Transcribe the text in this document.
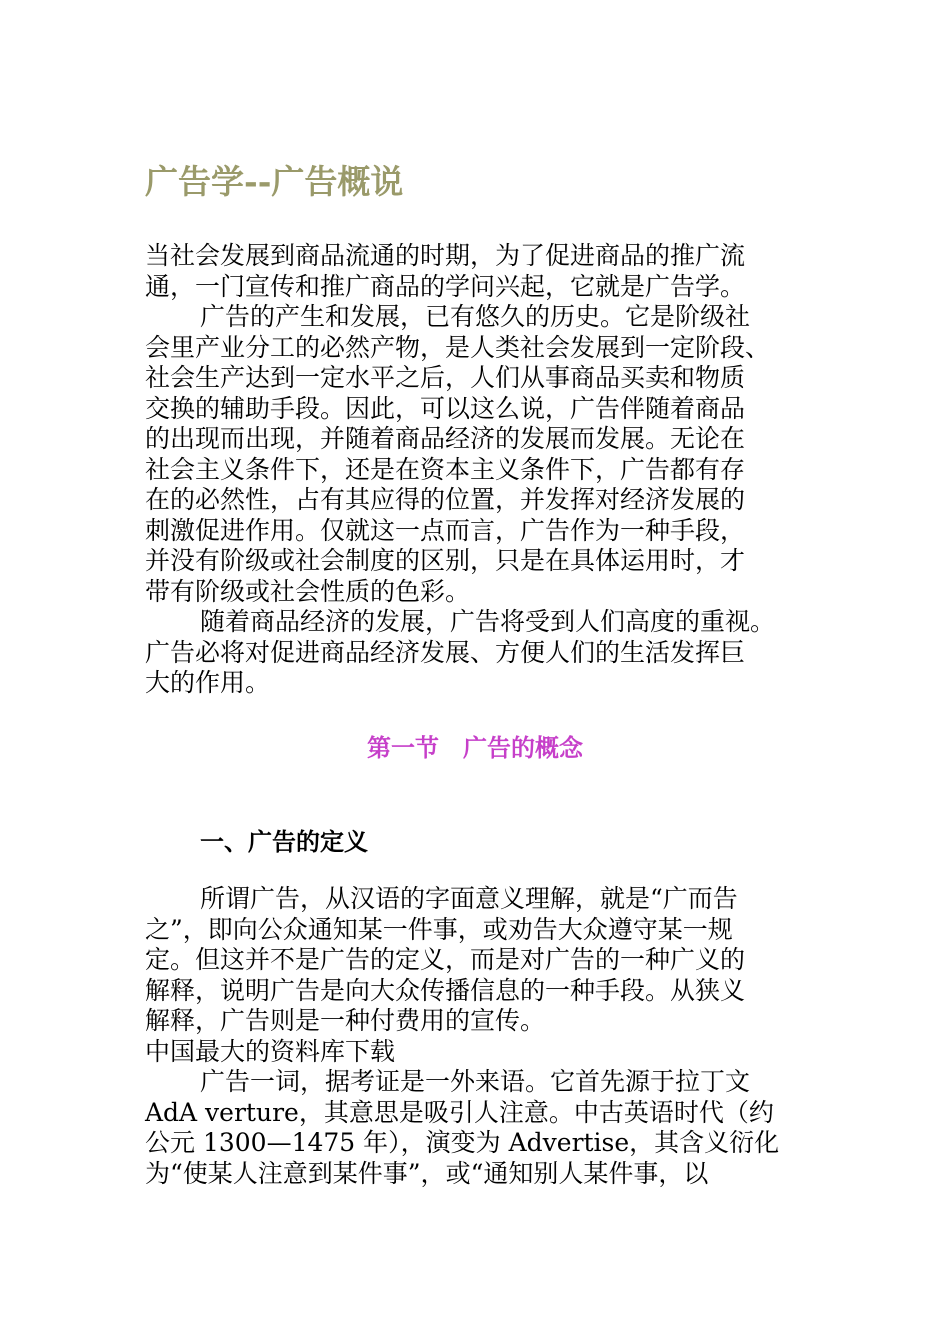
广告学--广告概说
当社会发展到商品流通的时期，为了促进商品的推广流
通，一门宣传和推广商品的学问兴起，它就是广告学。
广告的产生和发展，已有悠久的历史。它是阶级社
会里产业分工的必然产物，是人类社会发展到一定阶段、
社会生产达到一定水平之后，人们从事商品买卖和物质
交换的辅助手段。因此，可以这么说，广告伴随着商品
的出现而出现，并随着商品经济的发展而发展。无论在
社会主义条件下，还是在资本主义条件下，广告都有存
在的必然性，占有其应得的位置，并发挥对经济发展的
刺激促进作用。仅就这一点而言，广告作为一种手段，
并没有阶级或社会制度的区别，只是在具体运用时，才
带有阶级或社会性质的色彩。
随着商品经济的发展，广告将受到人们高度的重视。
广告必将对促进商品经济发展、方便人们的生活发挥巨
大的作用。
第一节　广告的概念
一、广告的定义
所谓广告，从汉语的字面意义理解，就是“广而告
之”，即向公众通知某一件事，或劝告大众遵守某一规
定。但这并不是广告的定义，而是对广告的一种广义的
解释，说明广告是向大众传播信息的一种手段。从狭义
解释，广告则是一种付费用的宣传。
中国最大的资料库下载
广告一词，据考证是一外来语。它首先源于拉丁文
AdA verture，其意思是吸引人注意。中古英语时代（约
公元 1300—1475 年），演变为 Advertise，其含义衍化
为“使某人注意到某件事”，或“通知别人某件事，以
